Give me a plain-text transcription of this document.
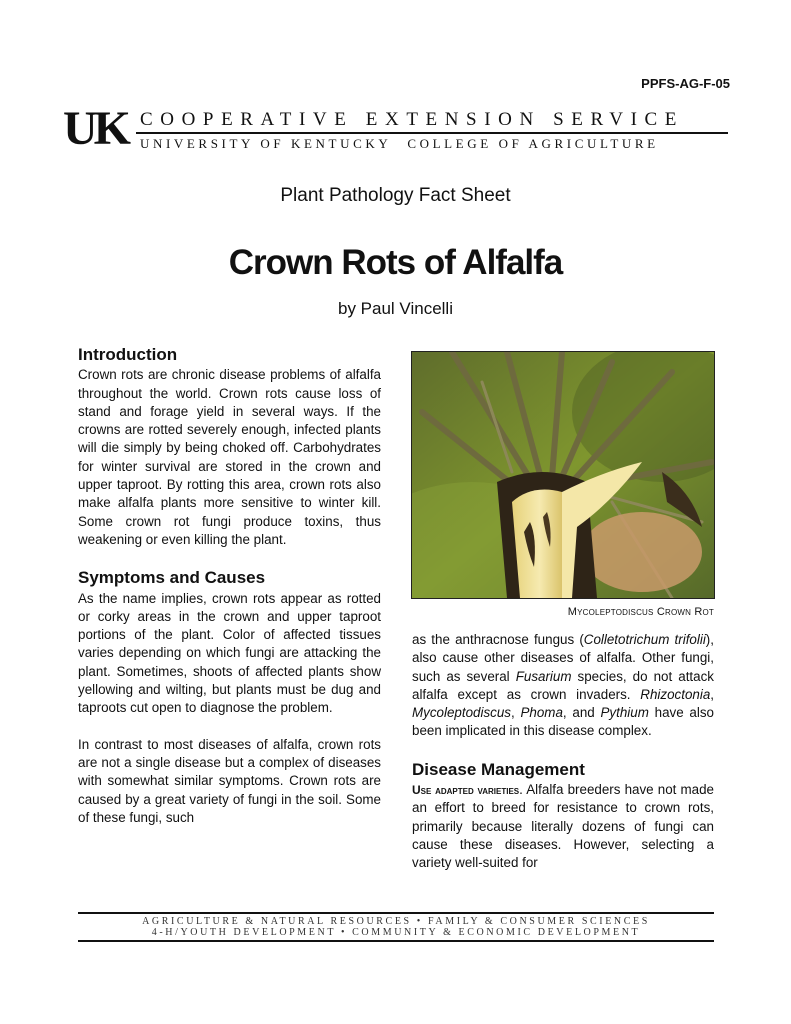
PPFS-AG-F-05
UK COOPERATIVE EXTENSION SERVICE
UNIVERSITY OF KENTUCKY COLLEGE OF AGRICULTURE
Plant Pathology Fact Sheet
Crown Rots of Alfalfa
by Paul Vincelli
Introduction

Crown rots are chronic disease problems of alfalfa throughout the world. Crown rots cause loss of stand and forage yield in several ways. If the crowns are rotted severely enough, infected plants will die simply by being choked off. Carbohydrates for winter survival are stored in the crown and upper taproot. By rotting this area, crown rots also make alfalfa plants more sensitive to winter kill. Some crown rot fungi produce toxins, thus weakening or even killing the plant.

Symptoms and Causes

As the name implies, crown rots appear as rotted or corky areas in the crown and upper taproot portions of the plant. Color of affected tissues varies depending on which fungi are attacking the plant. Sometimes, shoots of affected plants show yellowing and wilting, but plants must be dug and taproots cut open to diagnose the problem.

In contrast to most diseases of alfalfa, crown rots are not a single disease but a complex of diseases with somewhat similar symptoms. Crown rots are caused by a great variety of fungi in the soil. Some of these fungi, such

Mycoleptodiscus Crown Rot

as the anthracnose fungus (Colletotrichum trifolii), also cause other diseases of alfalfa. Other fungi, such as several Fusarium species, do not attack alfalfa except as crown invaders. Rhizoctonia, Mycoleptodiscus, Phoma, and Pythium have also been implicated in this disease complex.

Disease Management

Use adapted varieties. Alfalfa breeders have not made an effort to breed for resistance to crown rots, primarily because literally dozens of fungi can cause these diseases. However, selecting a variety well-suited for

AGRICULTURE & NATURAL RESOURCES • FAMILY & CONSUMER SCIENCES
4-H/YOUTH DEVELOPMENT • COMMUNITY & ECONOMIC DEVELOPMENT
